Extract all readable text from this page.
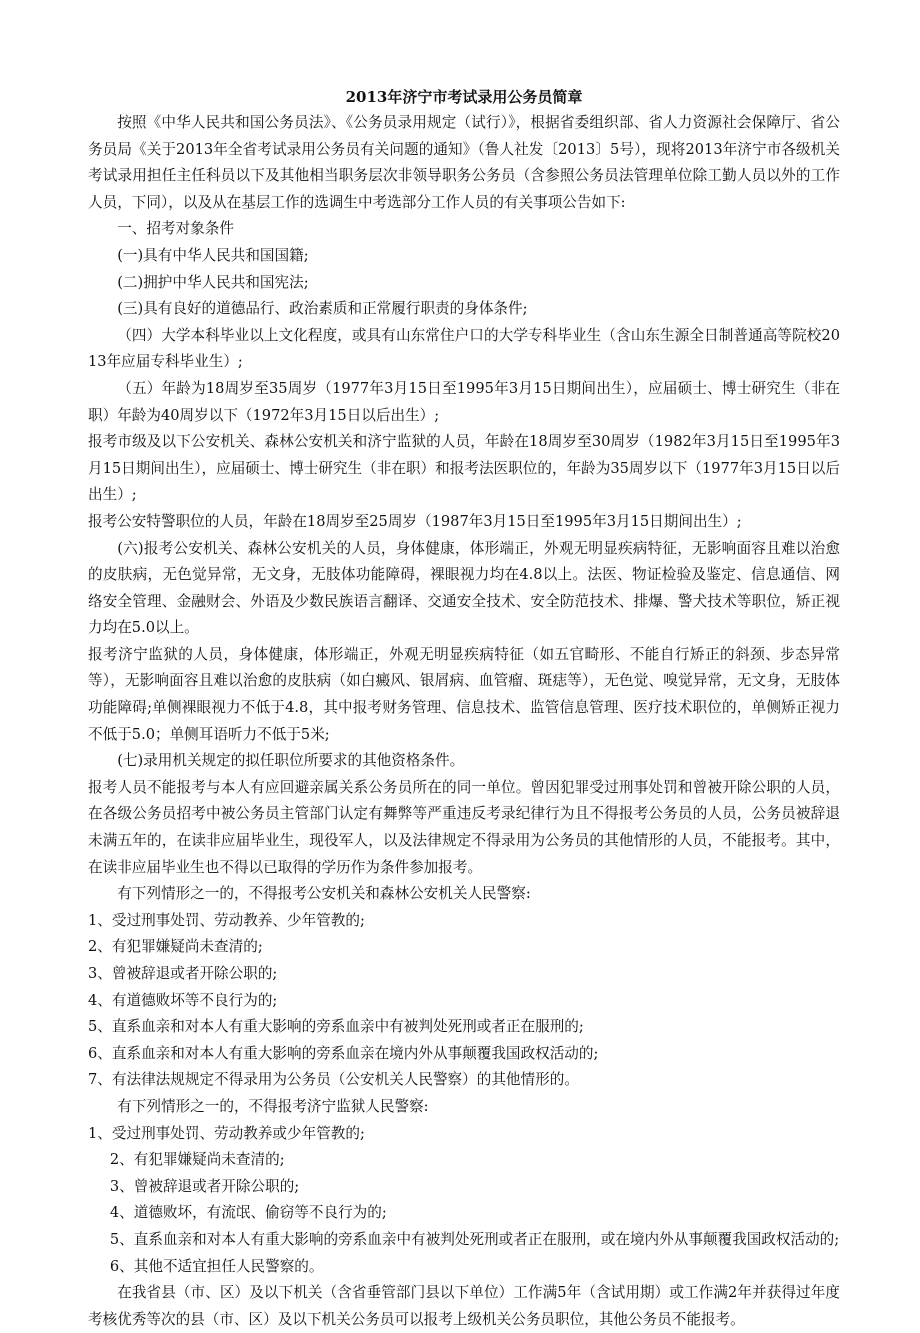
2013年济宁市考试录用公务员简章

按照《中华人民共和国公务员法》、《公务员录用规定（试行）》，根据省委组织部、省人力资源社会保障厅、省公务员局《关于2013年全省考试录用公务员有关问题的通知》（鲁人社发〔2013〕5号），现将2013年济宁市各级机关考试录用担任主任科员以下及其他相当职务层次非领导职务公务员（含参照公务员法管理单位除工勤人员以外的工作人员，下同），以及从在基层工作的选调生中考选部分工作人员的有关事项公告如下:

一、招考对象条件

(一)具有中华人民共和国国籍;

(二)拥护中华人民共和国宪法;

(三)具有良好的道德品行、政治素质和正常履行职责的身体条件;

（四）大学本科毕业以上文化程度，或具有山东常住户口的大学专科毕业生（含山东生源全日制普通高等院校2013年应届专科毕业生）;

（五）年龄为18周岁至35周岁（1977年3月15日至1995年3月15日期间出生），应届硕士、博士研究生（非在职）年龄为40周岁以下（1972年3月15日以后出生）;

报考市级及以下公安机关、森林公安机关和济宁监狱的人员，年龄在18周岁至30周岁（1982年3月15日至1995年3月15日期间出生），应届硕士、博士研究生（非在职）和报考法医职位的，年龄为35周岁以下（1977年3月15日以后出生）;

报考公安特警职位的人员，年龄在18周岁至25周岁（1987年3月15日至1995年3月15日期间出生）;

(六)报考公安机关、森林公安机关的人员，身体健康，体形端正，外观无明显疾病特征，无影响面容且难以治愈的皮肤病，无色觉异常，无文身，无肢体功能障碍，裸眼视力均在4.8以上。法医、物证检验及鉴定、信息通信、网络安全管理、金融财会、外语及少数民族语言翻译、交通安全技术、安全防范技术、排爆、警犬技术等职位，矫正视力均在5.0以上。

报考济宁监狱的人员，身体健康，体形端正，外观无明显疾病特征（如五官畸形、不能自行矫正的斜颈、步态异常等），无影响面容且难以治愈的皮肤病（如白癜风、银屑病、血管瘤、斑痣等），无色觉、嗅觉异常，无文身，无肢体功能障碍;单侧裸眼视力不低于4.8，其中报考财务管理、信息技术、监管信息管理、医疗技术职位的，单侧矫正视力不低于5.0；单侧耳语听力不低于5米;

(七)录用机关规定的拟任职位所要求的其他资格条件。

报考人员不能报考与本人有应回避亲属关系公务员所在的同一单位。曾因犯罪受过刑事处罚和曾被开除公职的人员，在各级公务员招考中被公务员主管部门认定有舞弊等严重违反考录纪律行为且不得报考公务员的人员，公务员被辞退未满五年的，在读非应届毕业生，现役军人，以及法律规定不得录用为公务员的其他情形的人员，不能报考。其中，在读非应届毕业生也不得以已取得的学历作为条件参加报考。

有下列情形之一的，不得报考公安机关和森林公安机关人民警察:

1、受过刑事处罚、劳动教养、少年管教的;

2、有犯罪嫌疑尚未查清的;

3、曾被辞退或者开除公职的;

4、有道德败坏等不良行为的;

5、直系血亲和对本人有重大影响的旁系血亲中有被判处死刑或者正在服刑的;

6、直系血亲和对本人有重大影响的旁系血亲在境内外从事颠覆我国政权活动的;

7、有法律法规规定不得录用为公务员（公安机关人民警察）的其他情形的。

有下列情形之一的，不得报考济宁监狱人民警察:

1、受过刑事处罚、劳动教养或少年管教的;

2、有犯罪嫌疑尚未查清的;

3、曾被辞退或者开除公职的;

4、道德败坏，有流氓、偷窃等不良行为的;

5、直系血亲和对本人有重大影响的旁系血亲中有被判处死刑或者正在服刑，或在境内外从事颠覆我国政权活动的;

6、其他不适宜担任人民警察的。

在我省县（市、区）及以下机关（含省垂管部门县以下单位）工作满5年（含试用期）或工作满2年并获得过年度考核优秀等次的县（市、区）及以下机关公务员可以报考上级机关公务员职位，其他公务员不能报考。
